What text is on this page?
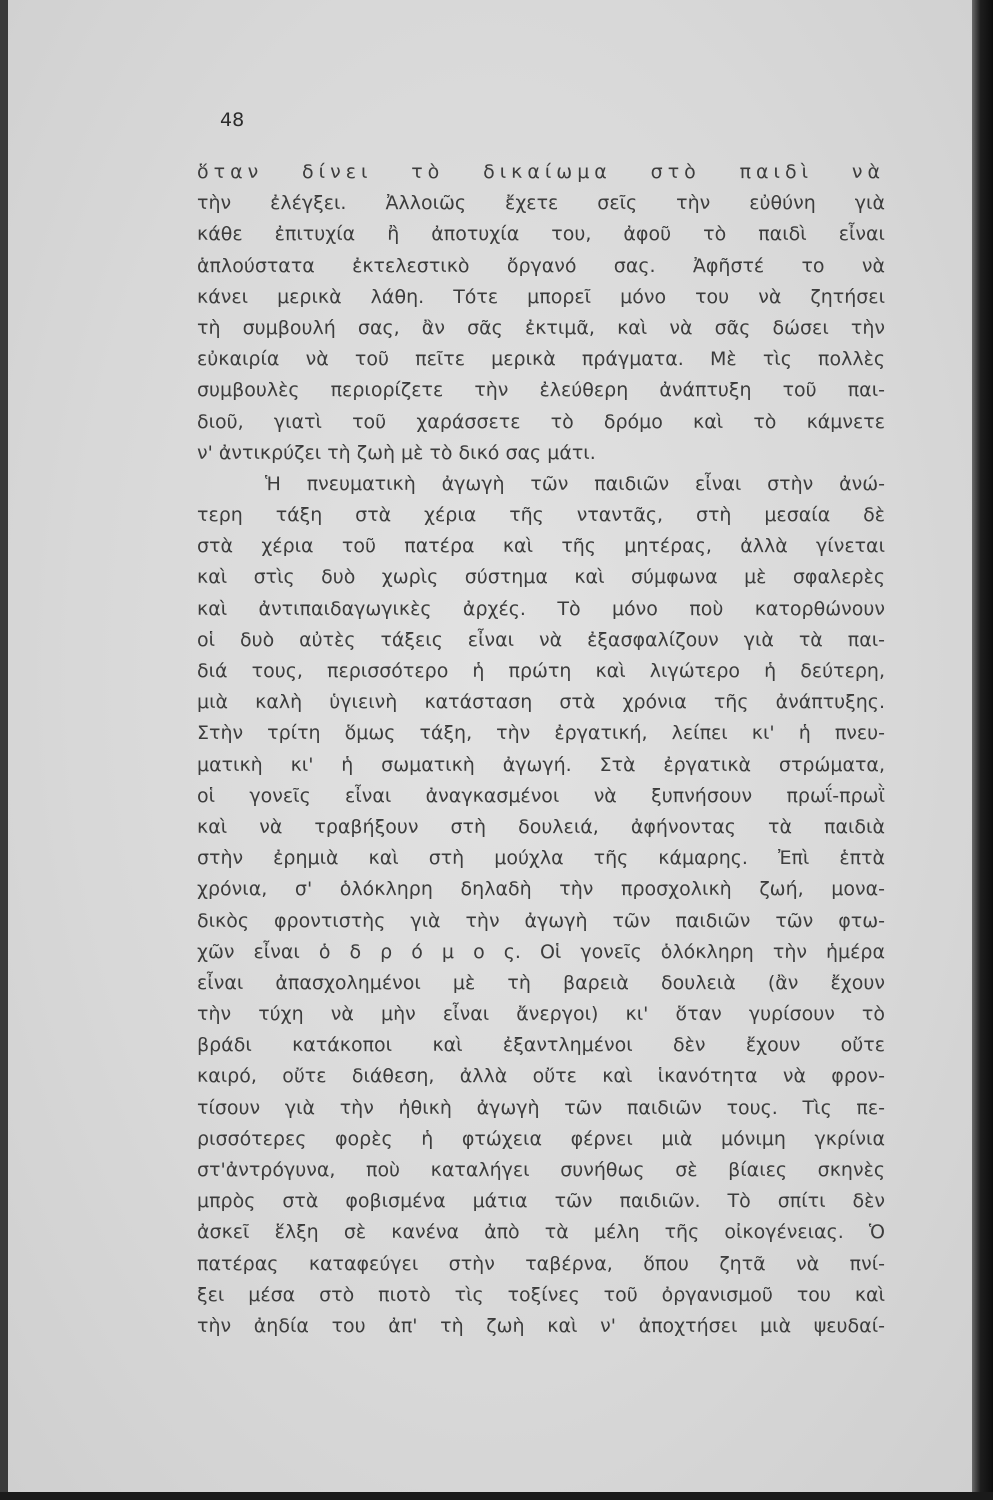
48

ὅταν δίνει τὸ δικαίωμα στὸ παιδὶ νὰ
τὴν ἐλέγξει. Ἀλλοιῶς ἔχετε σεῖς τὴν εὐθύνη γιὰ
κάθε ἐπιτυχία ἢ ἀποτυχία του, ἀφοῦ τὸ παιδὶ εἶναι
ἁπλούστατα ἐκτελεστικὸ ὄργανό σας. Ἀφῆστέ το νὰ
κάνει μερικὰ λάθη. Τότε μπορεῖ μόνο του νὰ ζητήσει
τὴ συμβουλή σας, ἂν σᾶς ἐκτιμᾶ, καὶ νὰ σᾶς δώσει τὴν
εὐκαιρία νὰ τοῦ πεῖτε μερικὰ πράγματα. Μὲ τὶς πολλὲς
συμβουλὲς περιορίζετε τὴν ἐλεύθερη ἀνάπτυξη τοῦ παι-
διοῦ, γιατὶ τοῦ χαράσσετε τὸ δρόμο καὶ τὸ κάμνετε
ν' ἀντικρύζει τὴ ζωὴ μὲ τὸ δικό σας μάτι.
Ἡ πνευματικὴ ἀγωγὴ τῶν παιδιῶν εἶναι στὴν ἀνώ-
τερη τάξη στὰ χέρια τῆς νταντᾶς, στὴ μεσαία δὲ
στὰ χέρια τοῦ πατέρα καὶ τῆς μητέρας, ἀλλὰ γίνεται
καὶ στὶς δυὸ χωρὶς σύστημα καὶ σύμφωνα μὲ σφαλερὲς
καὶ ἀντιπαιδαγωγικὲς ἀρχές. Τὸ μόνο ποὺ κατορθώνουν
οἱ δυὸ αὐτὲς τάξεις εἶναι νὰ ἐξασφαλίζουν γιὰ τὰ παι-
διά τους, περισσότερο ἡ πρώτη καὶ λιγώτερο ἡ δεύτερη,
μιὰ καλὴ ὑγιεινὴ κατάσταση στὰ χρόνια τῆς ἀνάπτυξης.
Στὴν τρίτη ὅμως τάξη, τὴν ἐργατική, λείπει κι' ἡ πνευ-
ματικὴ κι' ἡ σωματικὴ ἀγωγή. Στὰ ἐργατικὰ στρώματα,
οἱ γονεῖς εἶναι ἀναγκασμένοι νὰ ξυπνήσουν πρωΐ-πρωῒ
καὶ νὰ τραβήξουν στὴ δουλειά, ἀφήνοντας τὰ παιδιὰ
στὴν ἐρημιὰ καὶ στὴ μούχλα τῆς κάμαρης. Ἐπὶ ἑπτὰ
χρόνια, σ' ὁλόκληρη δηλαδὴ τὴν προσχολικὴ ζωή, μονα-
δικὸς φροντιστὴς γιὰ τὴν ἀγωγὴ τῶν παιδιῶν τῶν φτω-
χῶν εἶναι ὁ δ ρ ό μ ο ς. Οἱ γονεῖς ὁλόκληρη τὴν ἡμέρα
εἶναι ἀπασχολημένοι μὲ τὴ βαρειὰ δουλειὰ (ἂν ἔχουν
τὴν τύχη νὰ μὴν εἶναι ἄνεργοι) κι' ὅταν γυρίσουν τὸ
βράδι κατάκοποι καὶ ἐξαντλημένοι δὲν ἔχουν οὔτε
καιρό, οὔτε διάθεση, ἀλλὰ οὔτε καὶ ἱκανότητα νὰ φρον-
τίσουν γιὰ τὴν ἠθικὴ ἀγωγὴ τῶν παιδιῶν τους. Τὶς πε-
ρισσότερες φορὲς ἡ φτώχεια φέρνει μιὰ μόνιμη γκρίνια
στ'ἀντρόγυνα, ποὺ καταλήγει συνήθως σὲ βίαιες σκηνὲς
μπρὸς στὰ φοβισμένα μάτια τῶν παιδιῶν. Τὸ σπίτι δὲν
ἀσκεῖ ἕλξη σὲ κανένα ἀπὸ τὰ μέλη τῆς οἰκογένειας. Ὁ
πατέρας καταφεύγει στὴν ταβέρνα, ὅπου ζητᾶ νὰ πνί-
ξει μέσα στὸ πιοτὸ τὶς τοξίνες τοῦ ὀργανισμοῦ του καὶ
τὴν ἀηδία του ἀπ' τὴ ζωὴ καὶ ν' ἀποχτήσει μιὰ ψευδαί-
